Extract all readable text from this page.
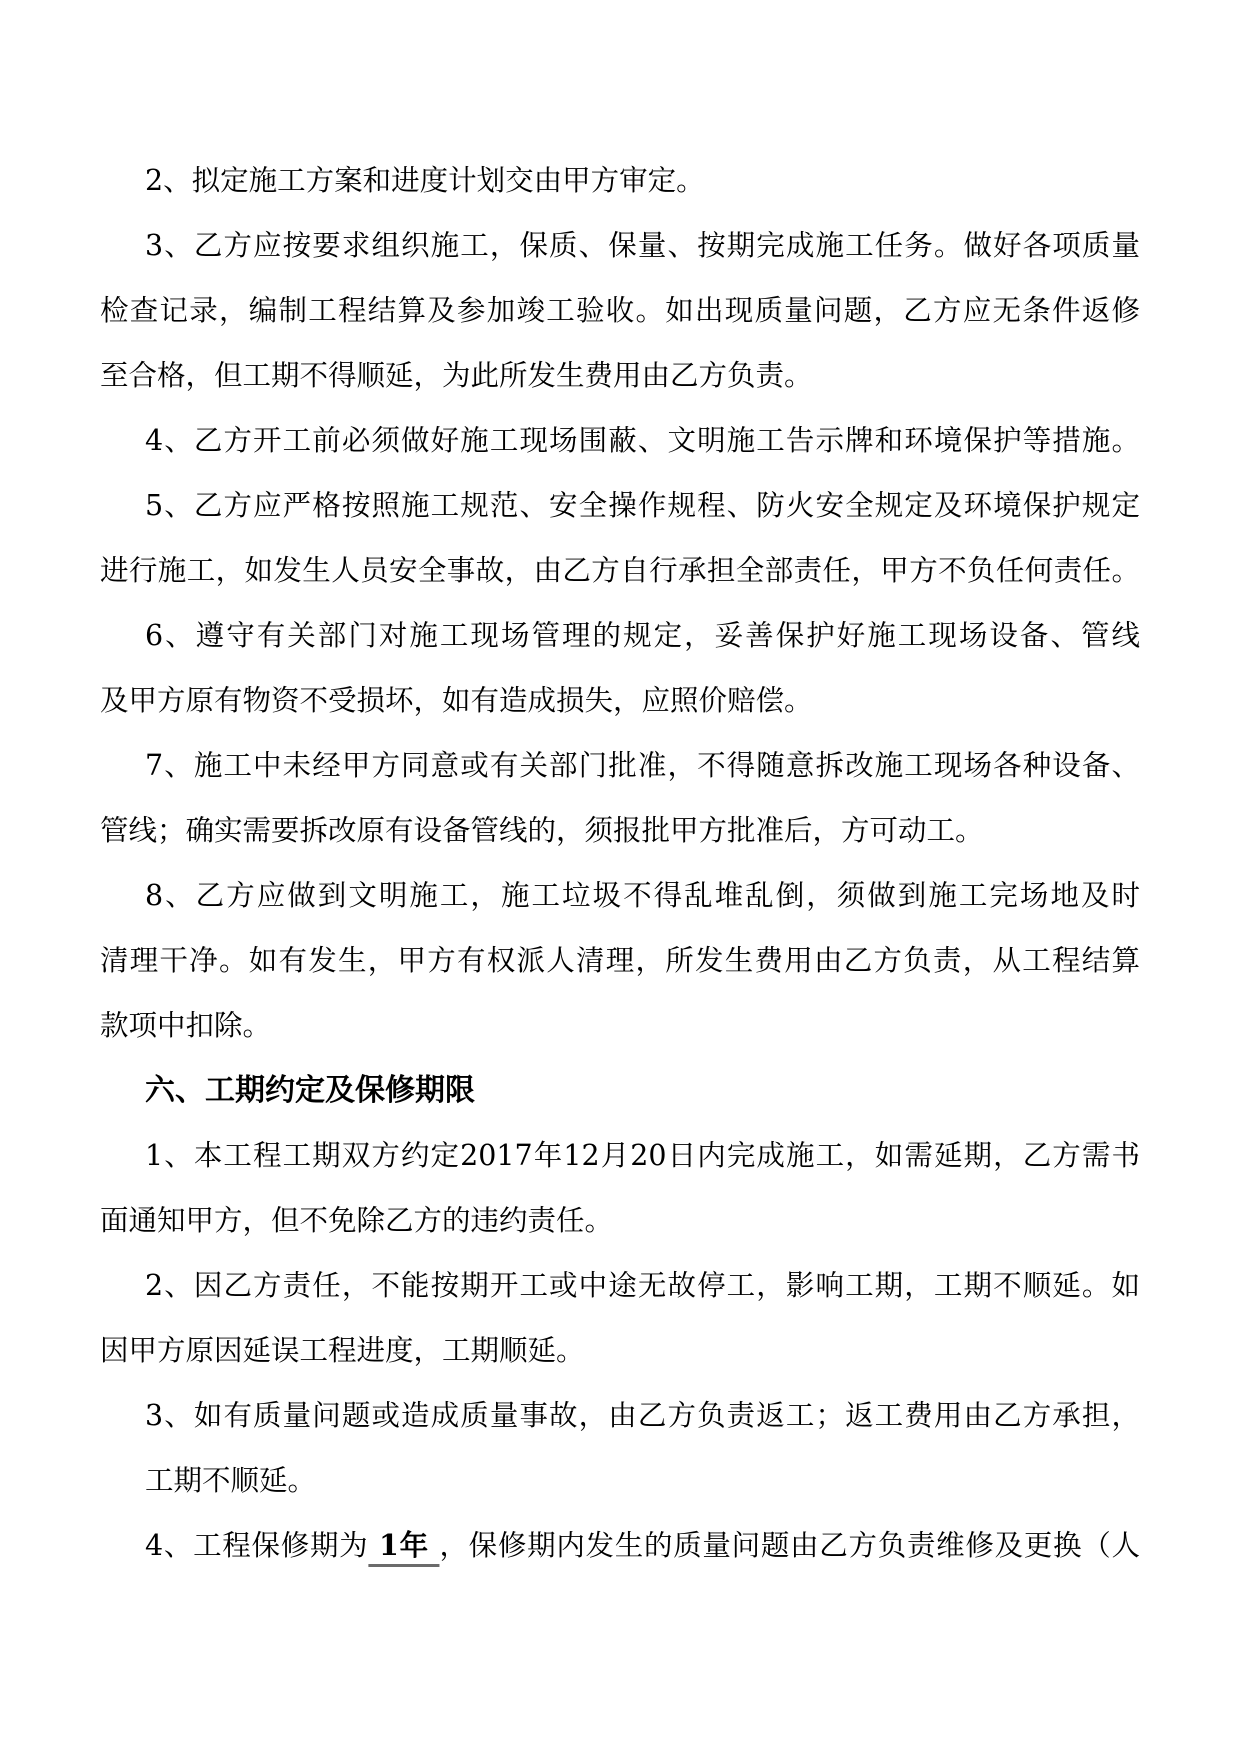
2、拟定施工方案和进度计划交由甲方审定。
3、乙方应按要求组织施工，保质、保量、按期完成施工任务。做好各项质量
检查记录，编制工程结算及参加竣工验收。如出现质量问题，乙方应无条件返修
至合格，但工期不得顺延，为此所发生费用由乙方负责。
4、乙方开工前必须做好施工现场围蔽、文明施工告示牌和环境保护等措施。
5、乙方应严格按照施工规范、安全操作规程、防火安全规定及环境保护规定
进行施工，如发生人员安全事故，由乙方自行承担全部责任，甲方不负任何责任。
6、遵守有关部门对施工现场管理的规定，妥善保护好施工现场设备、管线
及甲方原有物资不受损坏，如有造成损失，应照价赔偿。
7、施工中未经甲方同意或有关部门批准，不得随意拆改施工现场各种设备、
管线；确实需要拆改原有设备管线的，须报批甲方批准后，方可动工。
8、乙方应做到文明施工，施工垃圾不得乱堆乱倒，须做到施工完场地及时
清理干净。如有发生，甲方有权派人清理，所发生费用由乙方负责，从工程结算
款项中扣除。
六、工期约定及保修期限
1、本工程工期双方约定2017年12月20日内完成施工，如需延期，乙方需书
面通知甲方，但不免除乙方的违约责任。
2、因乙方责任，不能按期开工或中途无故停工，影响工期，工期不顺延。如
因甲方原因延误工程进度，工期顺延。
3、如有质量问题或造成质量事故，由乙方负责返工；返工费用由乙方承担，
工期不顺延。
4、工程保修期为 1年 ，保修期内发生的质量问题由乙方负责维修及更换（人
